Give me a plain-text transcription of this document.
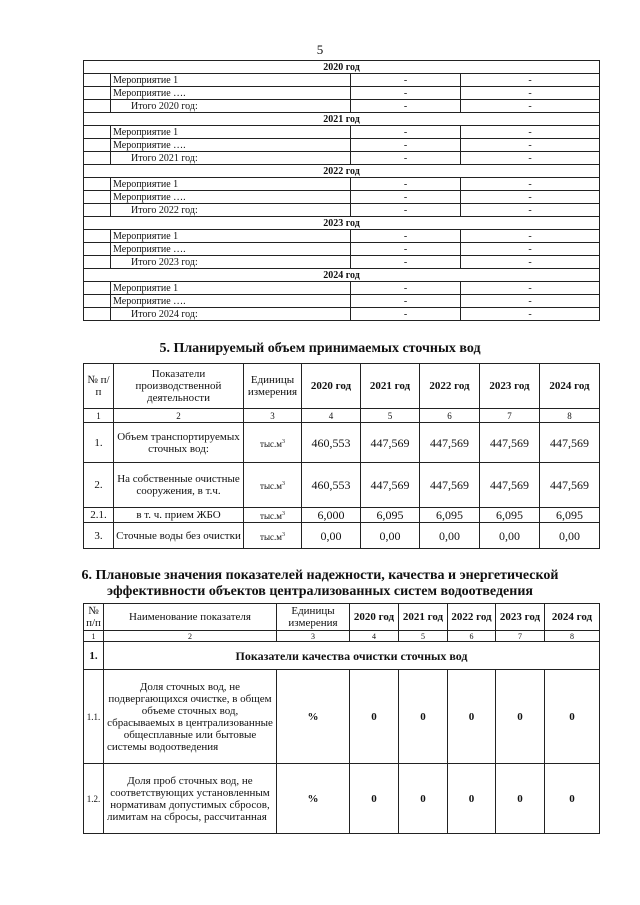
5
2020 год			
	Мероприятие 1	-	-
	Мероприятие ….	-	-
	Итого 2020 год:	-	-
2021 год			
	Мероприятие 1	-	-
	Мероприятие ….	-	-
	Итого 2021 год:	-	-
2022 год			
	Мероприятие 1	-	-
	Мероприятие ….	-	-
	Итого 2022 год:	-	-
2023 год			
	Мероприятие 1	-	-
	Мероприятие ….	-	-
	Итого 2023 год:	-	-
2024 год			
	Мероприятие 1	-	-
	Мероприятие ….	-	-
	Итого 2024 год:	-	-
5. Планируемый объем принимаемых сточных вод
№ п/п	Показатели производственной деятельности	Единицы измерения	2020 год	2021 год	2022 год	2023 год	2024 год
1	2	3	4	5	6	7	8
1.	Объем транспортируемых сточных вод:	$тыс.м^3$	460,553	447,569	447,569	447,569	447,569
2.	На собственные очистные сооружения, в т.ч.	$тыс.м^3$	460,553	447,569	447,569	447,569	447,569
2.1.	в т. ч. прием ЖБО	$тыс.м^3$	6,000	6,095	6,095	6,095	6,095
3.	Сточные воды без очистки	$тыс.м^3$	0,00	0,00	0,00	0,00	0,00
6. Плановые значения показателей надежности, качества и энергетической
эффективности объектов централизованных систем водоотведения
№ п/п	Наименование показателя	Единицы измерения	2020 год	2021 год	2022 год	2023 год	2024 год
1	2	3	4	5	6	7	8
1.	Показатели качества очистки сточных вод						
1.1.	Доля сточных вод, не подвергающихся очистке, в общем объеме сточных вод, сбрасываемых в централизованные общесплавные или бытовые системы водоотведения	%	0	0	0	0	0
1.2.	Доля проб сточных вод, не соответствующих установленным нормативам допустимых сбросов, лимитам на сбросы, рассчитанная	%	0	0	0	0	0
